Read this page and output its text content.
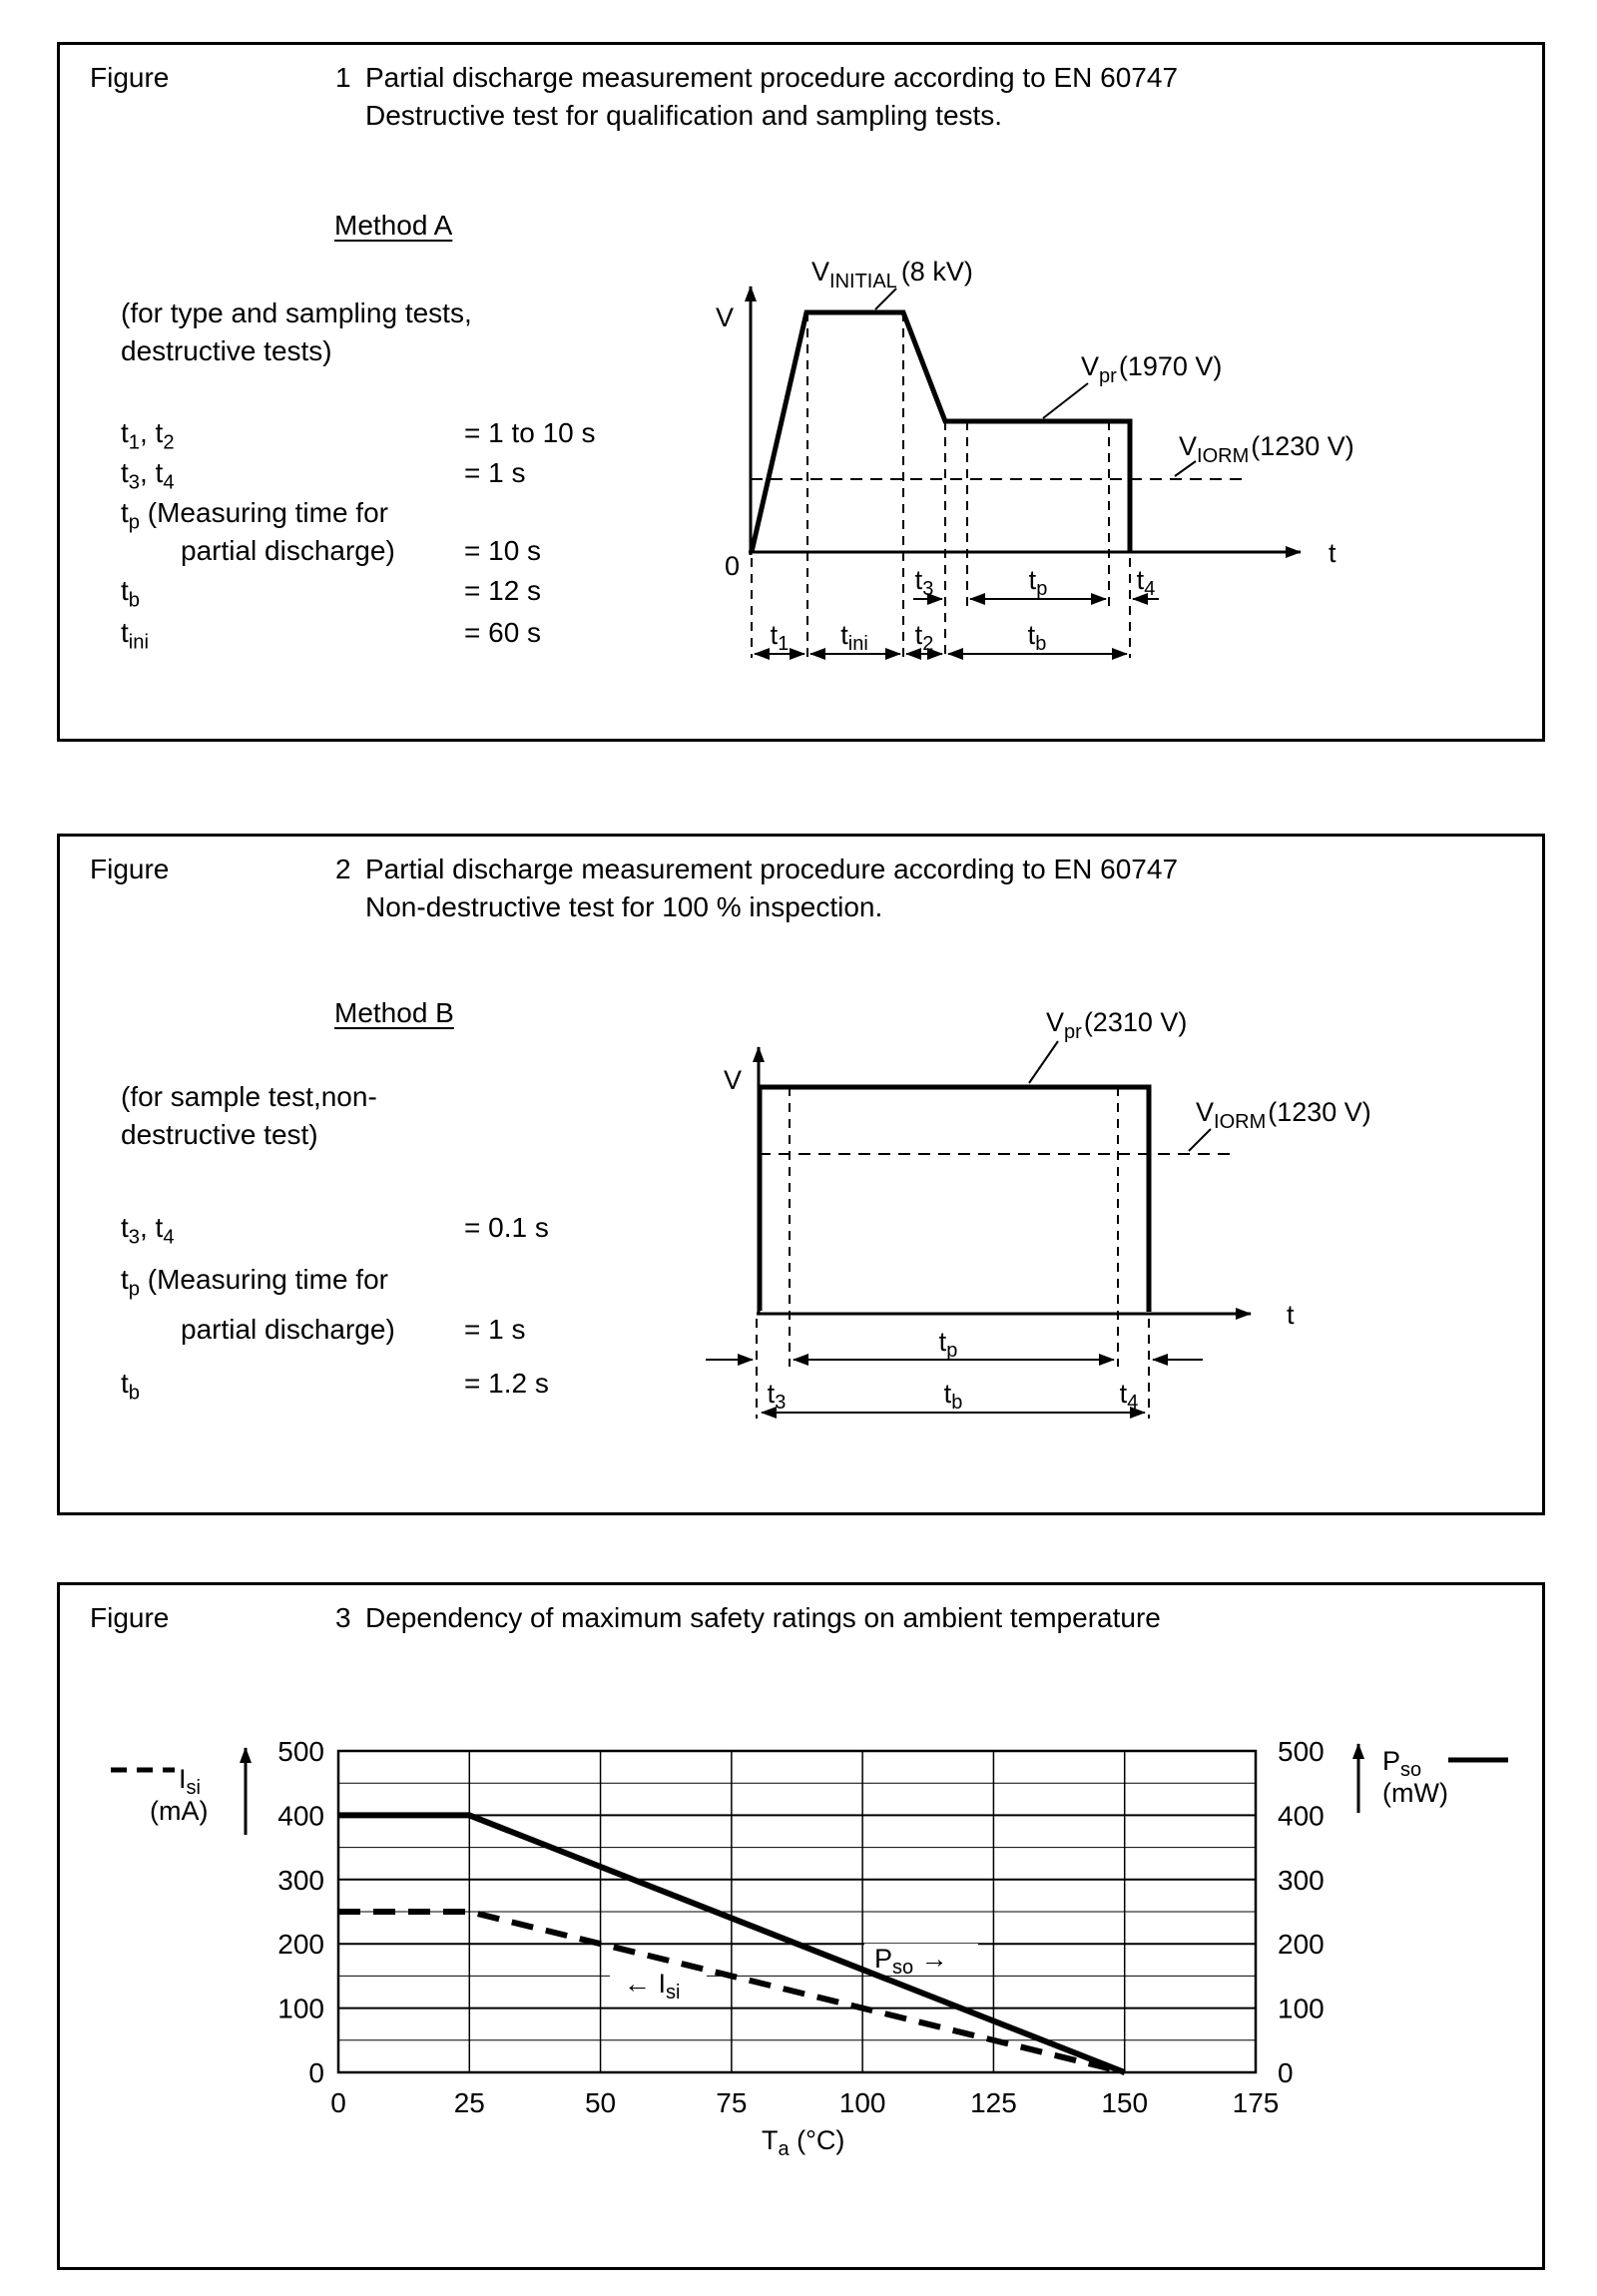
Figure	1 Partial discharge measurement procedure according to EN 60747
Destructive test for qualification and sampling tests.
Method A
(for type and sampling tests,
destructive tests)
$t_1$, $t_2$	= 1 to 10 s
$t_3$, $t_4$	= 1 s
$t_p$ (Measuring time for
partial discharge) = 10 s
$t_b$	= 12 s
$t_{ini}$	= 60 s
V
0	t
$V_{INITIAL}$ (8 kV)
$V_{pr}(1970$ V)
$V_{IORM}(1230$ V)
$t_3$	$t_p$	$t_4$
$t_1$ $t_{ini}$ $t_2$	$t_b$
Figure	2 Partial discharge measurement procedure according to EN 60747
Non-destructive test for 100 % inspection.
Method B
(for sample test,non-
destructive test)
$t_3$, $t_4$	= 0.1 s
$t_p$ (Measuring time for
partial discharge) = 1 s
$t_b$	= 1.2 s
V
t
$V_{pr}(2310$ V)
$V_{IORM}(1230$ V)
$t_p$
$t_3$	$t_b$	$t_4$
Figure	3 Dependency of maximum safety ratings on ambient temperature
0	0
100	100
200	200
300	300
400	400
500	500
0	25	50	75	100	125	150	175
$I_{si}$
(mA)
$P_{so}$
(mW)
← $I_{si}$
$P_{so}$ →
$T_a$ (°C)
